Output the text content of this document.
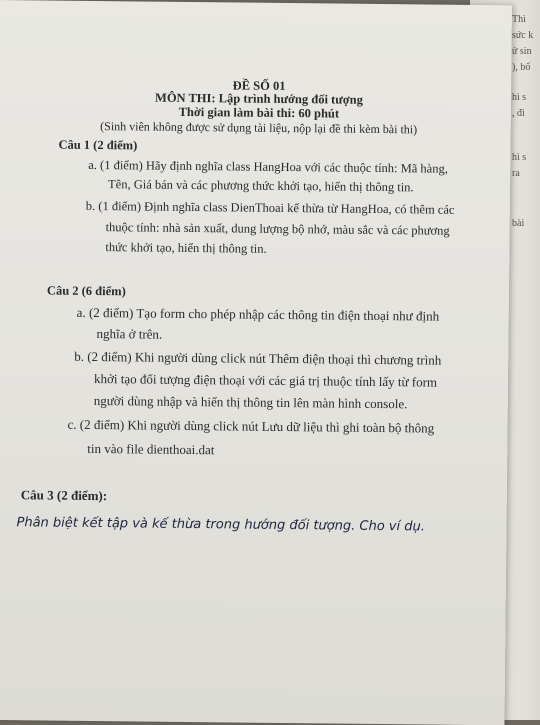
Thì
sức k
ử sin
), bố
hì s
, đi
hì s
ra
bài
ĐỀ SỐ 01
MÔN THI: Lập trình hướng đối tượng
Thời gian làm bài thi: 60 phút
(Sinh viên không được sử dụng tài liệu, nộp lại đề thi kèm bài thi)
Câu 1 (2 điểm)
a. (1 điểm) Hãy định nghĩa class HangHoa với các thuộc tính: Mã hàng,
Tên, Giá bán và các phương thức khởi tạo, hiển thị thông tin.
b. (1 điểm) Định nghĩa class DienThoai kế thừa từ HangHoa, có thêm các
thuộc tính: nhà sản xuất, dung lượng bộ nhớ, màu sắc và các phương
thức khởi tạo, hiển thị thông tin.
Câu 2 (6 điểm)
a. (2 điểm) Tạo form cho phép nhập các thông tin điện thoại như định
nghĩa ở trên.
b. (2 điểm) Khi người dùng click nút Thêm điện thoại thì chương trình
khởi tạo đối tượng điện thoại với các giá trị thuộc tính lấy từ form
người dùng nhập và hiển thị thông tin lên màn hình console.
c. (2 điểm) Khi người dùng click nút Lưu dữ liệu thì ghi toàn bộ thông
tin vào file dienthoai.dat
Câu 3 (2 điểm):
Phân biệt kết tập và kế thừa trong hướng đối tượng. Cho ví dụ.
